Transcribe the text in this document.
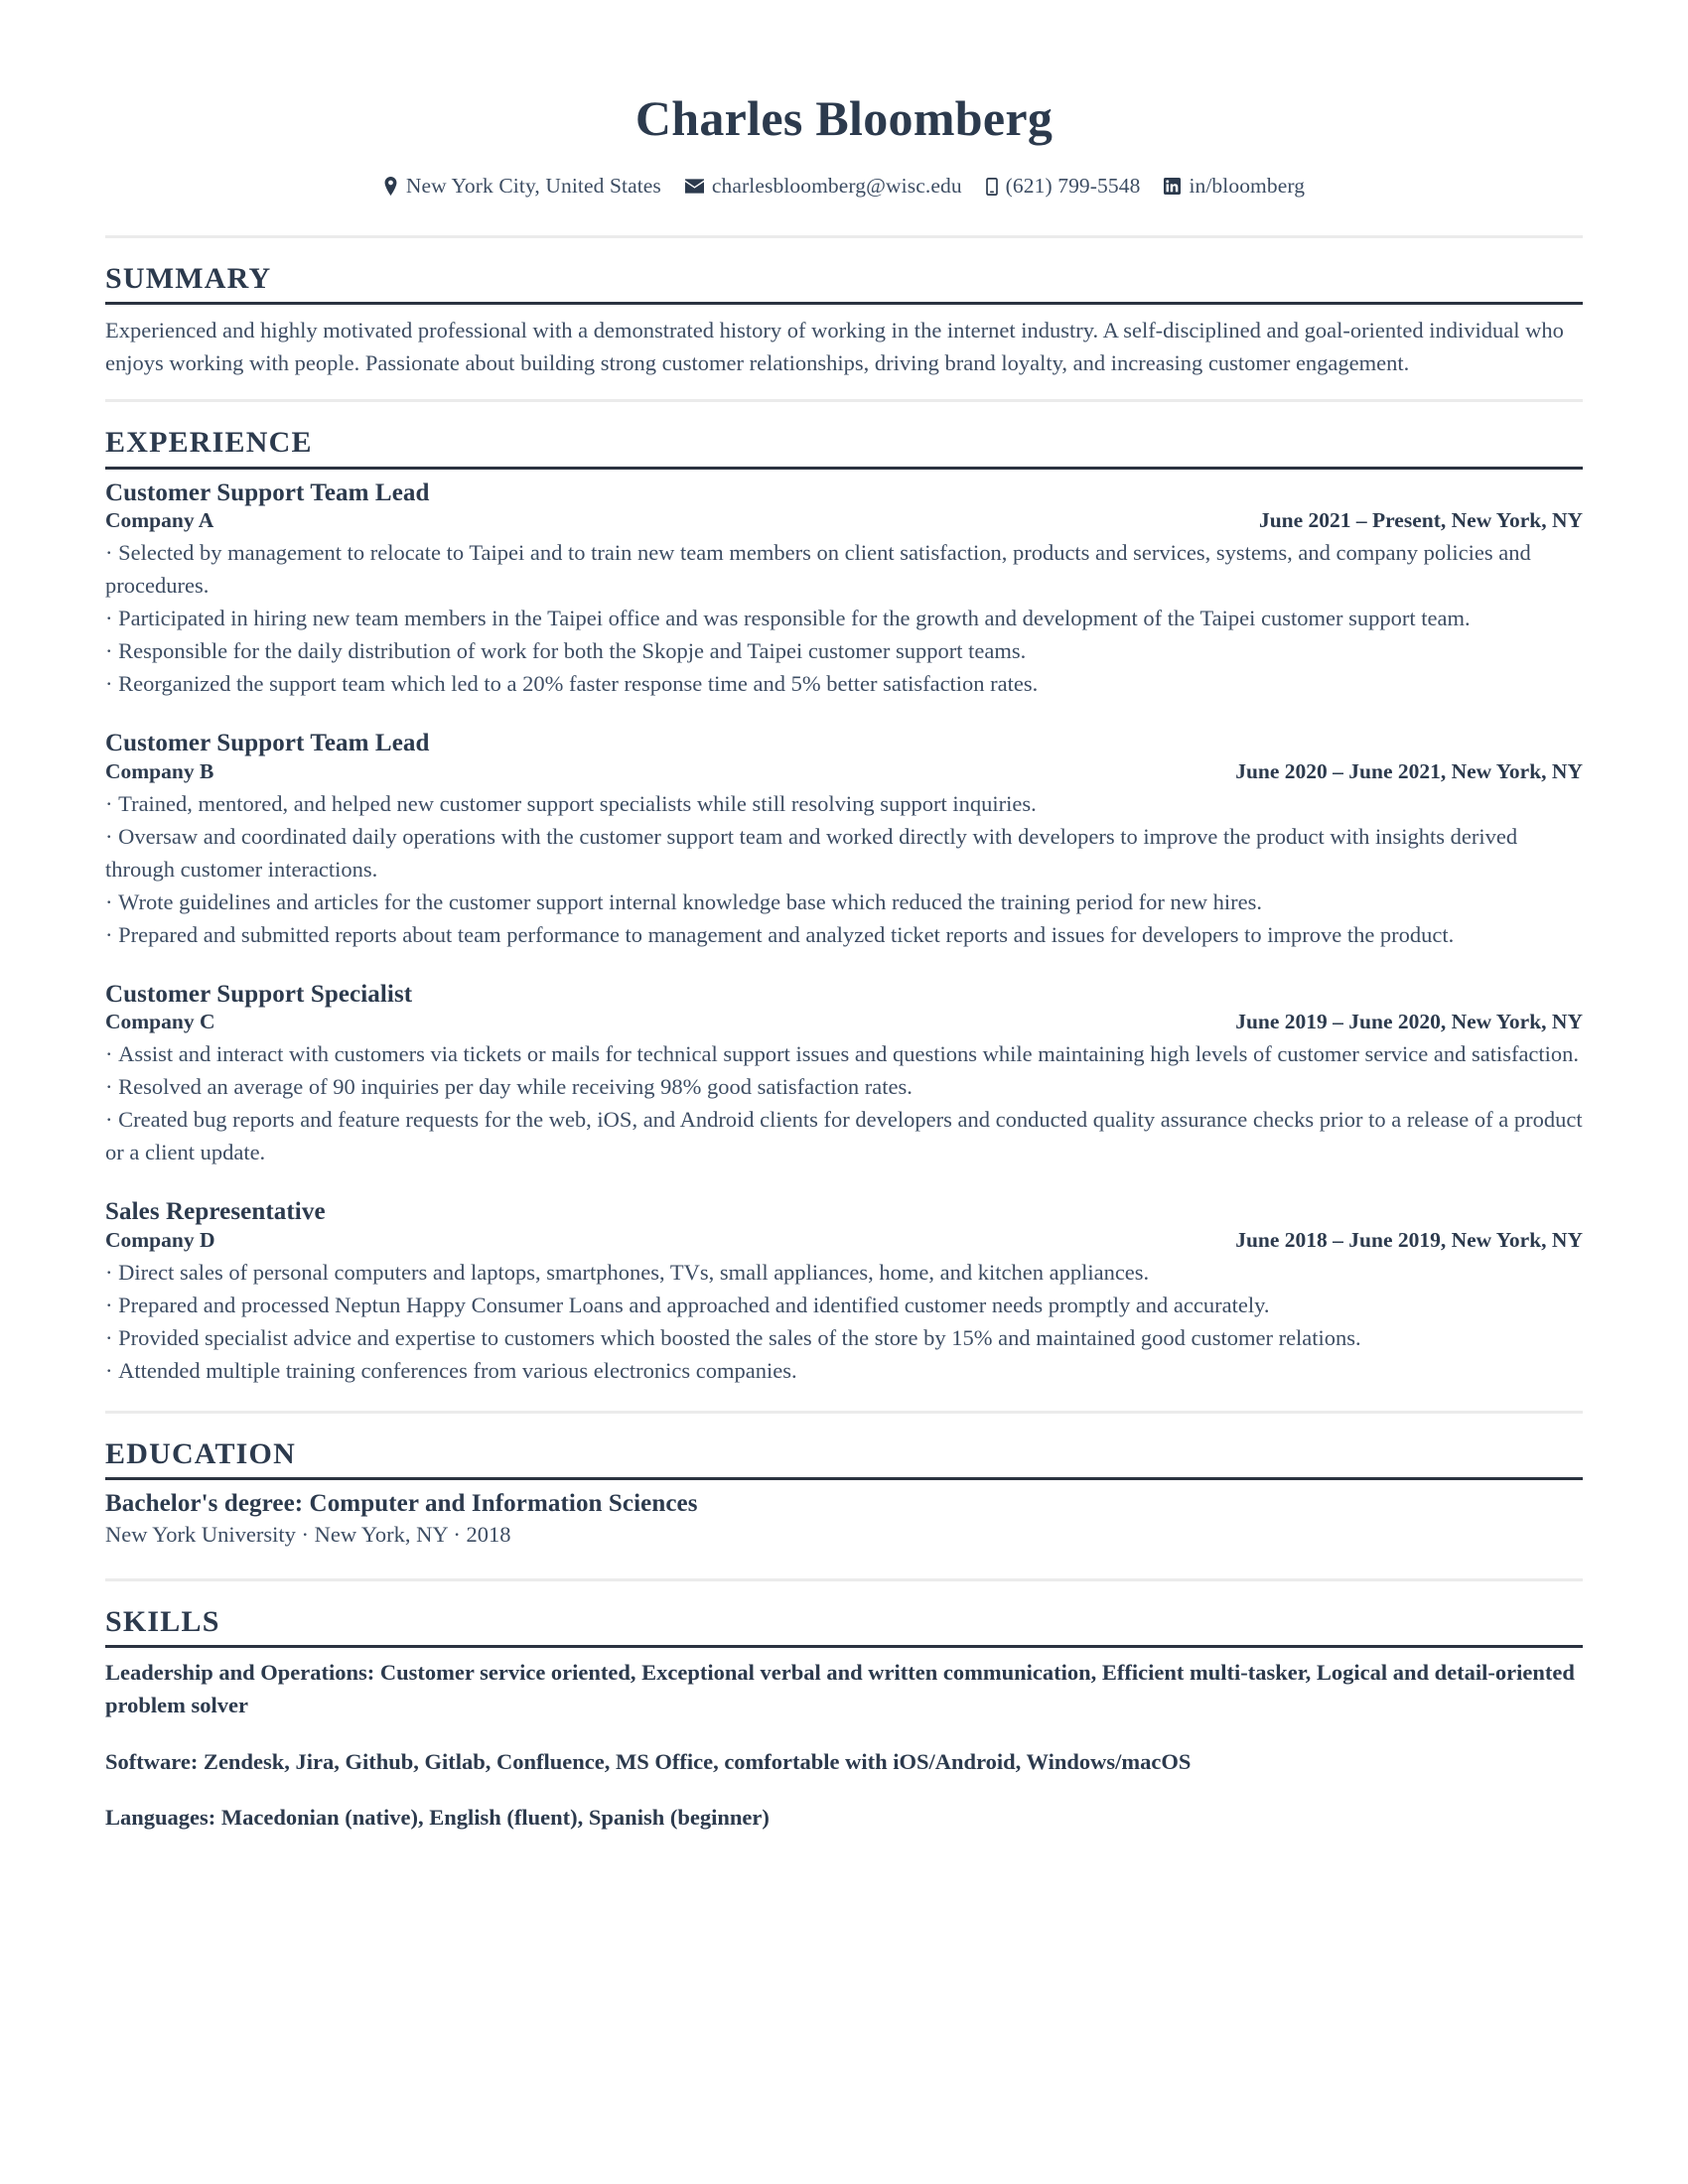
Charles Bloomberg
New York City, United States charlesbloomberg@wisc.edu (621) 799-5548 in/bloomberg
SUMMARY

Experienced and highly motivated professional with a demonstrated history of working in the internet industry. A self-disciplined and goal-oriented individual who enjoys working with people. Passionate about building strong customer relationships, driving brand loyalty, and increasing customer engagement.

EXPERIENCE
Customer Support Team Lead
Company A	June 2021 – Present, New York, NY
· Selected by management to relocate to Taipei and to train new team members on client satisfaction, products and services, systems, and company policies and procedures.
· Participated in hiring new team members in the Taipei office and was responsible for the growth and development of the Taipei customer support team.
· Responsible for the daily distribution of work for both the Skopje and Taipei customer support teams.
· Reorganized the support team which led to a 20% faster response time and 5% better satisfaction rates.
Customer Support Team Lead
Company B	June 2020 – June 2021, New York, NY
· Trained, mentored, and helped new customer support specialists while still resolving support inquiries.
· Oversaw and coordinated daily operations with the customer support team and worked directly with developers to improve the product with insights derived through customer interactions.
· Wrote guidelines and articles for the customer support internal knowledge base which reduced the training period for new hires.
· Prepared and submitted reports about team performance to management and analyzed ticket reports and issues for developers to improve the product.
Customer Support Specialist
Company C	June 2019 – June 2020, New York, NY
· Assist and interact with customers via tickets or mails for technical support issues and questions while maintaining high levels of customer service and satisfaction.
· Resolved an average of 90 inquiries per day while receiving 98% good satisfaction rates.
· Created bug reports and feature requests for the web, iOS, and Android clients for developers and conducted quality assurance checks prior to a release of a product or a client update.
Sales Representative
Company D	June 2018 – June 2019, New York, NY
· Direct sales of personal computers and laptops, smartphones, TVs, small appliances, home, and kitchen appliances.
· Prepared and processed Neptun Happy Consumer Loans and approached and identified customer needs promptly and accurately.
· Provided specialist advice and expertise to customers which boosted the sales of the store by 15% and maintained good customer relations.
· Attended multiple training conferences from various electronics companies.
EDUCATION
Bachelor's degree: Computer and Information Sciences
New York University · New York, NY · 2018
SKILLS
Leadership and Operations: Customer service oriented, Exceptional verbal and written communication, Efficient multi-tasker, Logical and detail-oriented problem solver
Software: Zendesk, Jira, Github, Gitlab, Confluence, MS Office, comfortable with iOS/Android, Windows/macOS
Languages: Macedonian (native), English (fluent), Spanish (beginner)
